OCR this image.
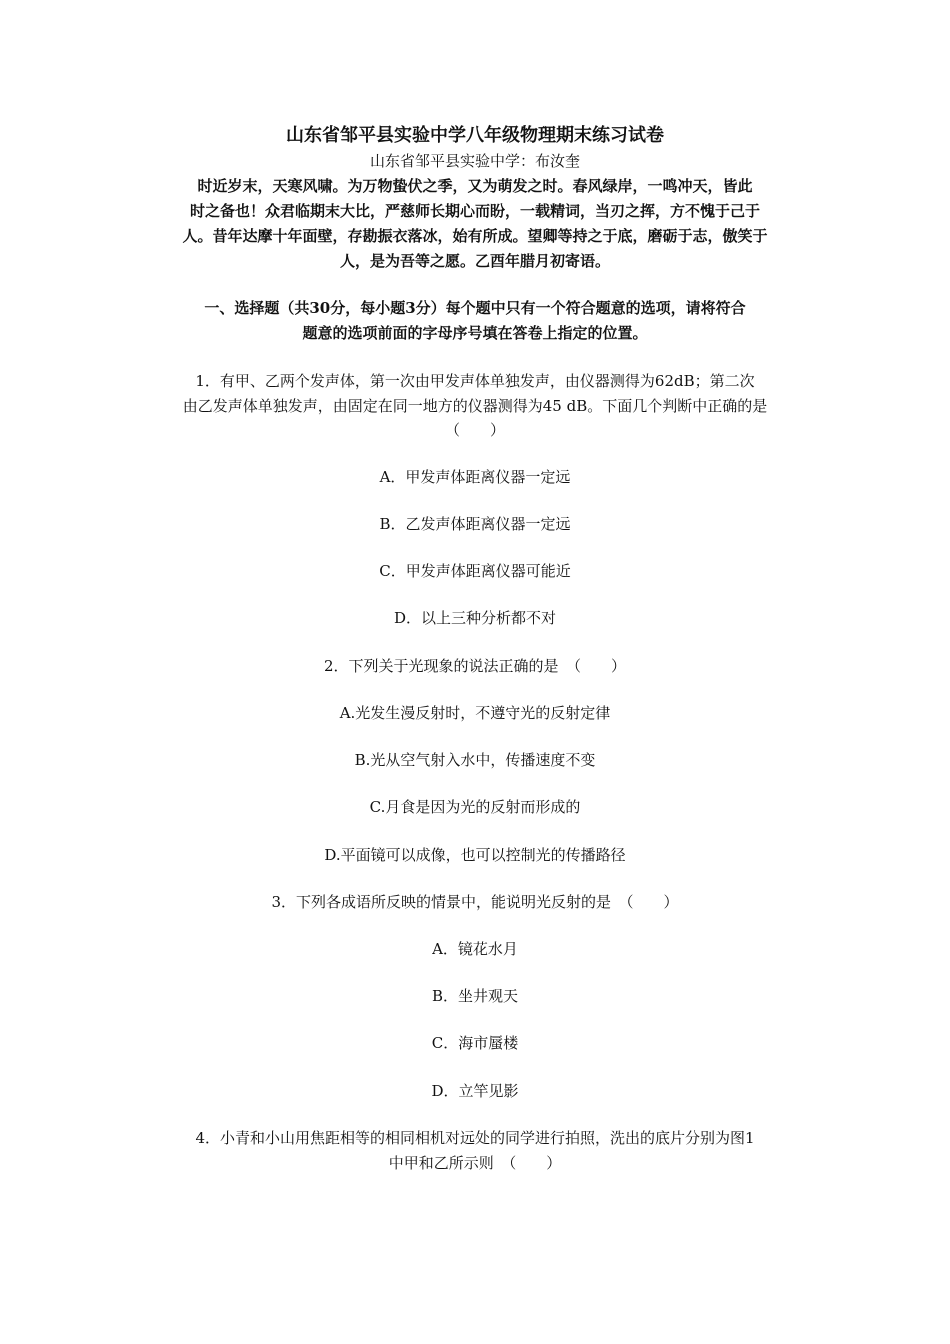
山东省邹平县实验中学八年级物理期末练习试卷
山东省邹平县实验中学：布汝奎
时近岁末，天寒风啸。为万物蛰伏之季，又为萌发之时。春风绿岸，一鸣冲天，皆此
时之备也！众君临期末大比，严慈师长期心而盼，一载精词，当刃之挥，方不愧于己于
人。昔年达摩十年面壁，存勘振衣落冰，始有所成。望卿等持之于底，磨砺于志，傲笑于
人，是为吾等之愿。乙酉年腊月初寄语。
一、选择题（共30分，每小题3分）每个题中只有一个符合题意的选项，请将符合
题意的选项前面的字母序号填在答卷上指定的位置。
1．有甲、乙两个发声体，第一次由甲发声体单独发声，由仪器测得为62dB；第二次
由乙发声体单独发声，由固定在同一地方的仪器测得为45 dB。下面几个判断中正确的是
（　　）
A．甲发声体距离仪器一定远
B．乙发声体距离仪器一定远
C．甲发声体距离仪器可能近
D．以上三种分析都不对
2．下列关于光现象的说法正确的是　（　　）
A.光发生漫反射时，不遵守光的反射定律
B.光从空气射入水中，传播速度不变
C.月食是因为光的反射而形成的
D.平面镜可以成像，也可以控制光的传播路径
3．下列各成语所反映的情景中，能说明光反射的是　（　　）
A．镜花水月
B．坐井观天
C．海市蜃楼
D．立竿见影
4．小青和小山用焦距相等的相同相机对远处的同学进行拍照，洗出的底片分别为图1
中甲和乙所示则　（　　）
